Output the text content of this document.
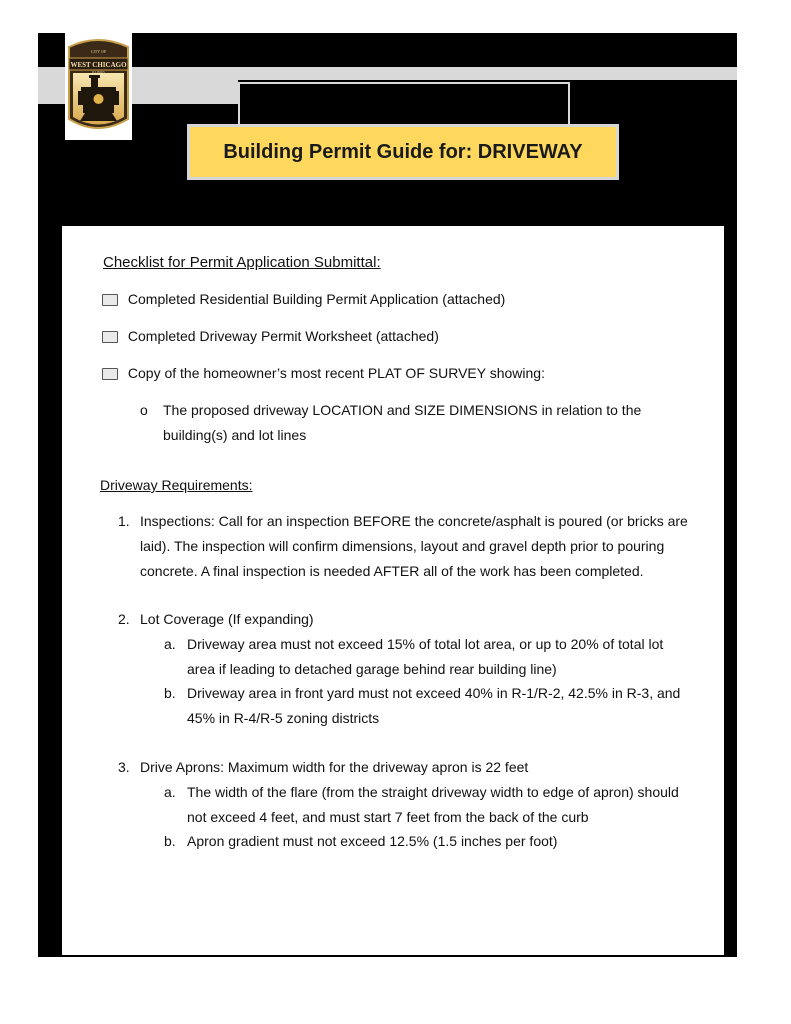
CITY OF
WEST CHICAGO
ILLINOIS
Building Permit Guide for: DRIVEWAY
Checklist for Permit Application Submittal:
Completed Residential Building Permit Application (attached)
Completed Driveway Permit Worksheet (attached)
Copy of the homeowner’s most recent PLAT OF SURVEY showing:
o The proposed driveway LOCATION and SIZE DIMENSIONS in relation to the
building(s) and lot lines
Driveway Requirements:
1. Inspections: Call for an inspection BEFORE the concrete/asphalt is poured (or bricks are
laid). The inspection will confirm dimensions, layout and gravel depth prior to pouring
concrete. A final inspection is needed AFTER all of the work has been completed.
2. Lot Coverage (If expanding)
a. Driveway area must not exceed 15% of total lot area, or up to 20% of total lot
area if leading to detached garage behind rear building line)
b. Driveway area in front yard must not exceed 40% in R-1/R-2, 42.5% in R-3, and
45% in R-4/R-5 zoning districts
3. Drive Aprons: Maximum width for the driveway apron is 22 feet
a. The width of the flare (from the straight driveway width to edge of apron) should
not exceed 4 feet, and must start 7 feet from the back of the curb
b. Apron gradient must not exceed 12.5% (1.5 inches per foot)
